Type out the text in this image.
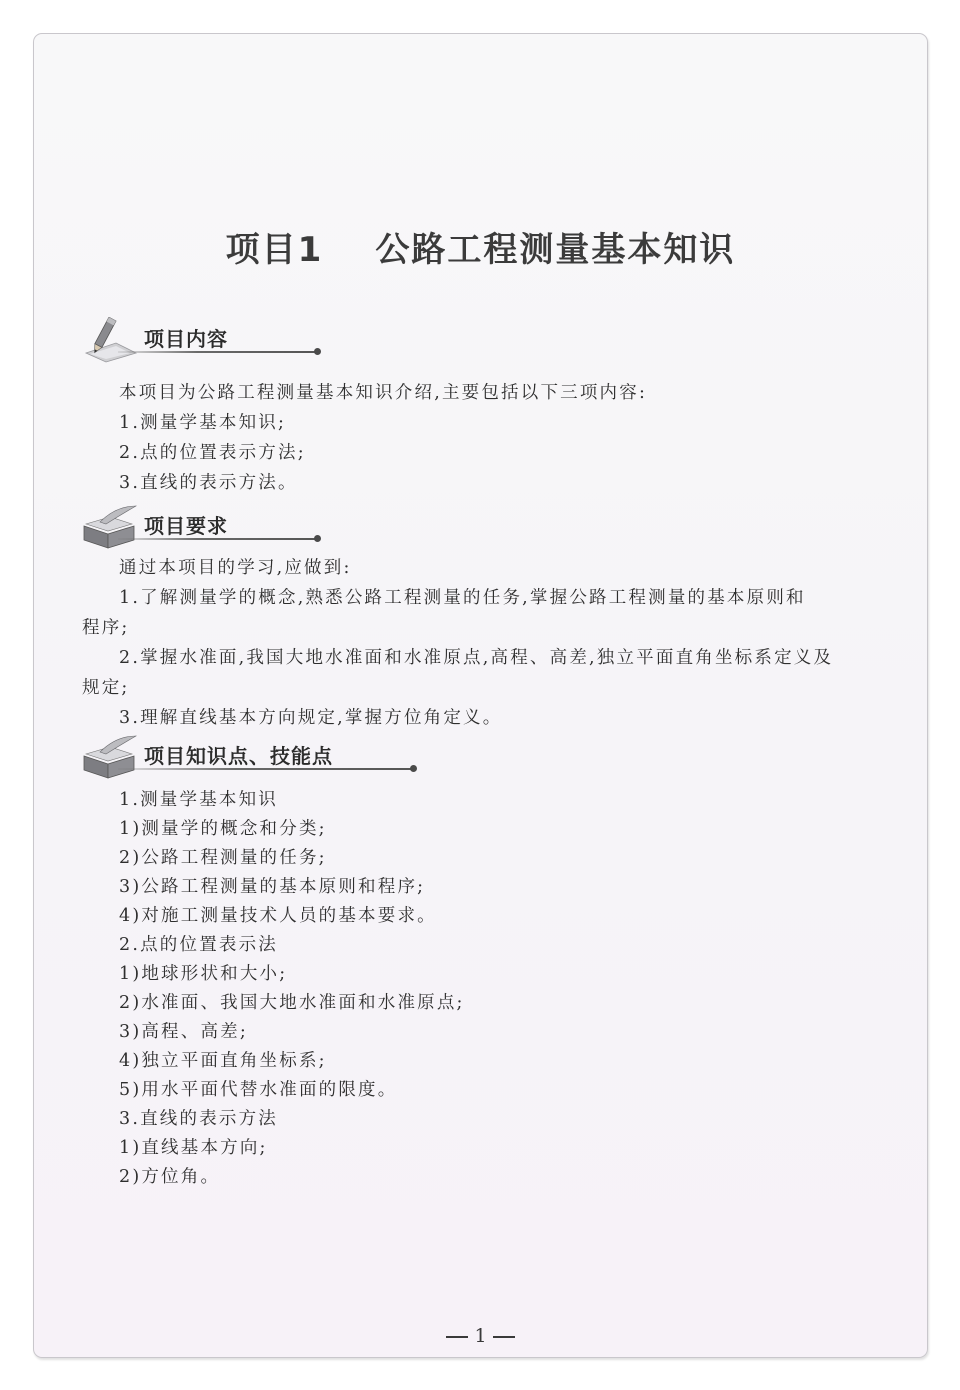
项目1 公路工程测量基本知识
项目内容
本项目为公路工程测量基本知识介绍,主要包括以下三项内容:
1.测量学基本知识;
2.点的位置表示方法;
3.直线的表示方法。
项目要求
通过本项目的学习,应做到:
1.了解测量学的概念,熟悉公路工程测量的任务,掌握公路工程测量的基本原则和
程序;
2.掌握水准面,我国大地水准面和水准原点,高程、高差,独立平面直角坐标系定义及
规定;
3.理解直线基本方向规定,掌握方位角定义。
项目知识点、技能点
1.测量学基本知识
1)测量学的概念和分类;
2)公路工程测量的任务;
3)公路工程测量的基本原则和程序;
4)对施工测量技术人员的基本要求。
2.点的位置表示法
1)地球形状和大小;
2)水准面、我国大地水准面和水准原点;
3)高程、高差;
4)独立平面直角坐标系;
5)用水平面代替水准面的限度。
3.直线的表示方法
1)直线基本方向;
2)方位角。
1
